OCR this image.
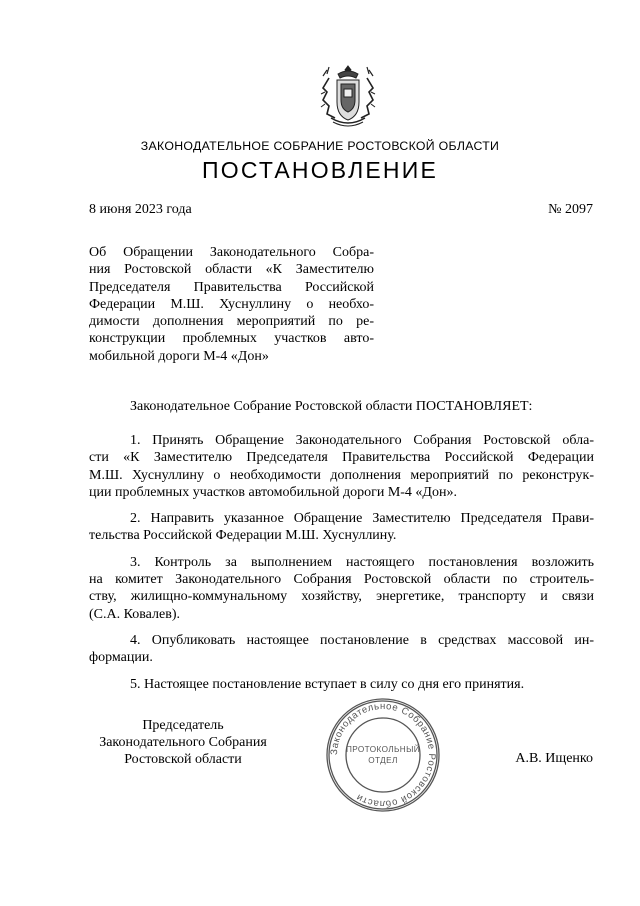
ЗАКОНОДАТЕЛЬНОЕ СОБРАНИЕ РОСТОВСКОЙ ОБЛАСТИ
ПОСТАНОВЛЕНИЕ
8 июня 2023 года	№ 2097
Об Обращении Законодательного Собра-
ния Ростовской области «К Заместителю
Председателя Правительства Российской
Федерации М.Ш. Хуснуллину о необхо-
димости дополнения мероприятий по ре-
конструкции проблемных участков авто-
мобильной дороги М-4 «Дон»
Законодательное Собрание Ростовской области ПОСТАНОВЛЯЕТ:
1. Принять Обращение Законодательного Собрания Ростовской обла-
сти «К Заместителю Председателя Правительства Российской Федерации
М.Ш. Хуснуллину о необходимости дополнения мероприятий по реконструк-
ции проблемных участков автомобильной дороги М-4 «Дон».
2. Направить указанное Обращение Заместителю Председателя Прави-
тельства Российской Федерации М.Ш. Хуснуллину.
3. Контроль за выполнением настоящего постановления возложить
на комитет Законодательного Собрания Ростовской области по строитель-
ству, жилищно-коммунальному хозяйству, энергетике, транспорту и связи
(С.А. Ковалев).
4. Опубликовать настоящее постановление в средствах массовой ин-
формации.
5. Настоящее постановление вступает в силу со дня его принятия.
Председатель
Законодательного Собрания
Ростовской области
Законодательное Собрание Ростовской области
ПРОТОКОЛЬНЫЙ
ОТДЕЛ	А.В. Ищенко
